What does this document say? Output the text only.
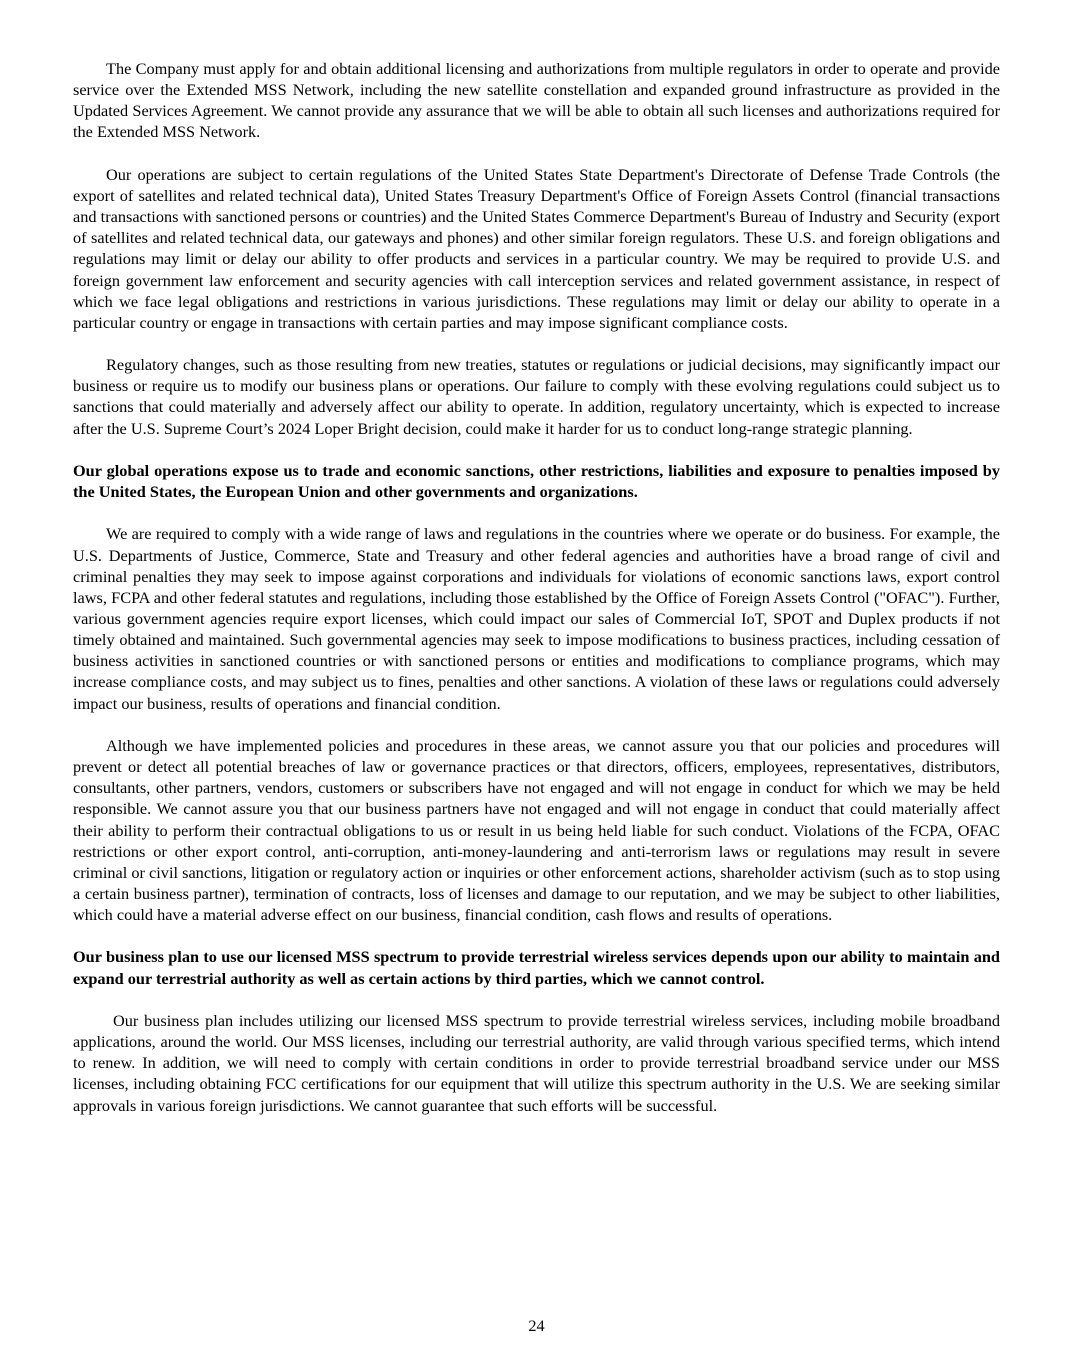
The Company must apply for and obtain additional licensing and authorizations from multiple regulators in order to operate and provide service over the Extended MSS Network, including the new satellite constellation and expanded ground infrastructure as provided in the Updated Services Agreement. We cannot provide any assurance that we will be able to obtain all such licenses and authorizations required for the Extended MSS Network.

Our operations are subject to certain regulations of the United States State Department's Directorate of Defense Trade Controls (the export of satellites and related technical data), United States Treasury Department's Office of Foreign Assets Control (financial transactions and transactions with sanctioned persons or countries) and the United States Commerce Department's Bureau of Industry and Security (export of satellites and related technical data, our gateways and phones) and other similar foreign regulators. These U.S. and foreign obligations and regulations may limit or delay our ability to offer products and services in a particular country. We may be required to provide U.S. and foreign government law enforcement and security agencies with call interception services and related government assistance, in respect of which we face legal obligations and restrictions in various jurisdictions. These regulations may limit or delay our ability to operate in a particular country or engage in transactions with certain parties and may impose significant compliance costs.

Regulatory changes, such as those resulting from new treaties, statutes or regulations or judicial decisions, may significantly impact our business or require us to modify our business plans or operations. Our failure to comply with these evolving regulations could subject us to sanctions that could materially and adversely affect our ability to operate. In addition, regulatory uncertainty, which is expected to increase after the U.S. Supreme Court’s 2024 Loper Bright decision, could make it harder for us to conduct long-range strategic planning.

Our global operations expose us to trade and economic sanctions, other restrictions, liabilities and exposure to penalties imposed by the United States, the European Union and other governments and organizations.

We are required to comply with a wide range of laws and regulations in the countries where we operate or do business. For example, the U.S. Departments of Justice, Commerce, State and Treasury and other federal agencies and authorities have a broad range of civil and criminal penalties they may seek to impose against corporations and individuals for violations of economic sanctions laws, export control laws, FCPA and other federal statutes and regulations, including those established by the Office of Foreign Assets Control ("OFAC"). Further, various government agencies require export licenses, which could impact our sales of Commercial IoT, SPOT and Duplex products if not timely obtained and maintained. Such governmental agencies may seek to impose modifications to business practices, including cessation of business activities in sanctioned countries or with sanctioned persons or entities and modifications to compliance programs, which may increase compliance costs, and may subject us to fines, penalties and other sanctions. A violation of these laws or regulations could adversely impact our business, results of operations and financial condition.

Although we have implemented policies and procedures in these areas, we cannot assure you that our policies and procedures will prevent or detect all potential breaches of law or governance practices or that directors, officers, employees, representatives, distributors, consultants, other partners, vendors, customers or subscribers have not engaged and will not engage in conduct for which we may be held responsible. We cannot assure you that our business partners have not engaged and will not engage in conduct that could materially affect their ability to perform their contractual obligations to us or result in us being held liable for such conduct. Violations of the FCPA, OFAC restrictions or other export control, anti-corruption, anti-money-laundering and anti-terrorism laws or regulations may result in severe criminal or civil sanctions, litigation or regulatory action or inquiries or other enforcement actions, shareholder activism (such as to stop using a certain business partner), termination of contracts, loss of licenses and damage to our reputation, and we may be subject to other liabilities, which could have a material adverse effect on our business, financial condition, cash flows and results of operations.

Our business plan to use our licensed MSS spectrum to provide terrestrial wireless services depends upon our ability to maintain and expand our terrestrial authority as well as certain actions by third parties, which we cannot control.

Our business plan includes utilizing our licensed MSS spectrum to provide terrestrial wireless services, including mobile broadband applications, around the world. Our MSS licenses, including our terrestrial authority, are valid through various specified terms, which intend to renew. In addition, we will need to comply with certain conditions in order to provide terrestrial broadband service under our MSS licenses, including obtaining FCC certifications for our equipment that will utilize this spectrum authority in the U.S. We are seeking similar approvals in various foreign jurisdictions. We cannot guarantee that such efforts will be successful.

24
